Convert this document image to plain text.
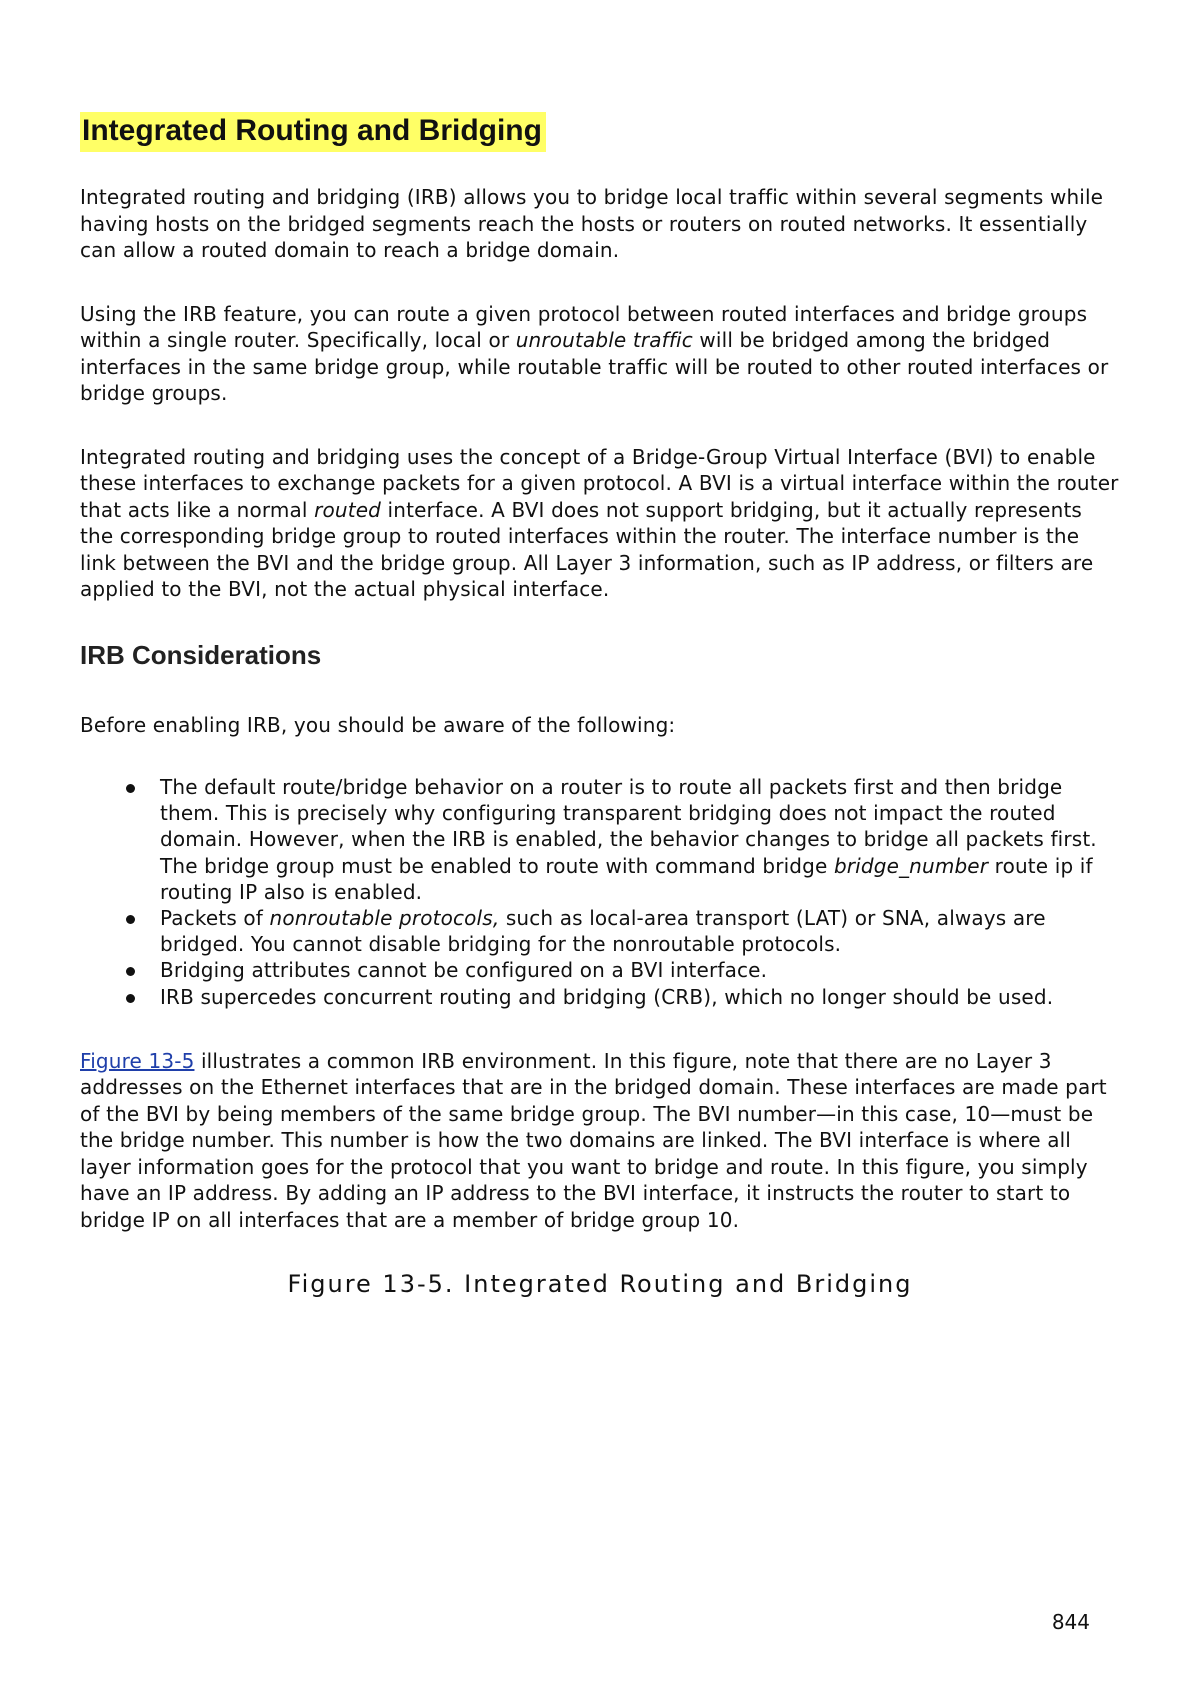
Integrated Routing and Bridging

Integrated routing and bridging (IRB) allows you to bridge local traffic within several segments while having hosts on the bridged segments reach the hosts or routers on routed networks. It essentially can allow a routed domain to reach a bridge domain.

Using the IRB feature, you can route a given protocol between routed interfaces and bridge groups within a single router. Specifically, local or unroutable traffic will be bridged among the bridged interfaces in the same bridge group, while routable traffic will be routed to other routed interfaces or bridge groups.

Integrated routing and bridging uses the concept of a Bridge-Group Virtual Interface (BVI) to enable these interfaces to exchange packets for a given protocol. A BVI is a virtual interface within the router that acts like a normal routed interface. A BVI does not support bridging, but it actually represents the corresponding bridge group to routed interfaces within the router. The interface number is the link between the BVI and the bridge group. All Layer 3 information, such as IP address, or filters are applied to the BVI, not the actual physical interface.

IRB Considerations

Before enabling IRB, you should be aware of the following:

The default route/bridge behavior on a router is to route all packets first and then bridge them. This is precisely why configuring transparent bridging does not impact the routed domain. However, when the IRB is enabled, the behavior changes to bridge all packets first. The bridge group must be enabled to route with command bridge bridge_number route ip if routing IP also is enabled.
Packets of nonroutable protocols, such as local-area transport (LAT) or SNA, always are bridged. You cannot disable bridging for the nonroutable protocols.
Bridging attributes cannot be configured on a BVI interface.
IRB supercedes concurrent routing and bridging (CRB), which no longer should be used.

Figure 13-5 illustrates a common IRB environment. In this figure, note that there are no Layer 3 addresses on the Ethernet interfaces that are in the bridged domain. These interfaces are made part of the BVI by being members of the same bridge group. The BVI number—in this case, 10—must be the bridge number. This number is how the two domains are linked. The BVI interface is where all layer information goes for the protocol that you want to bridge and route. In this figure, you simply have an IP address. By adding an IP address to the BVI interface, it instructs the router to start to bridge IP on all interfaces that are a member of bridge group 10.

Figure 13-5. Integrated Routing and Bridging
844
